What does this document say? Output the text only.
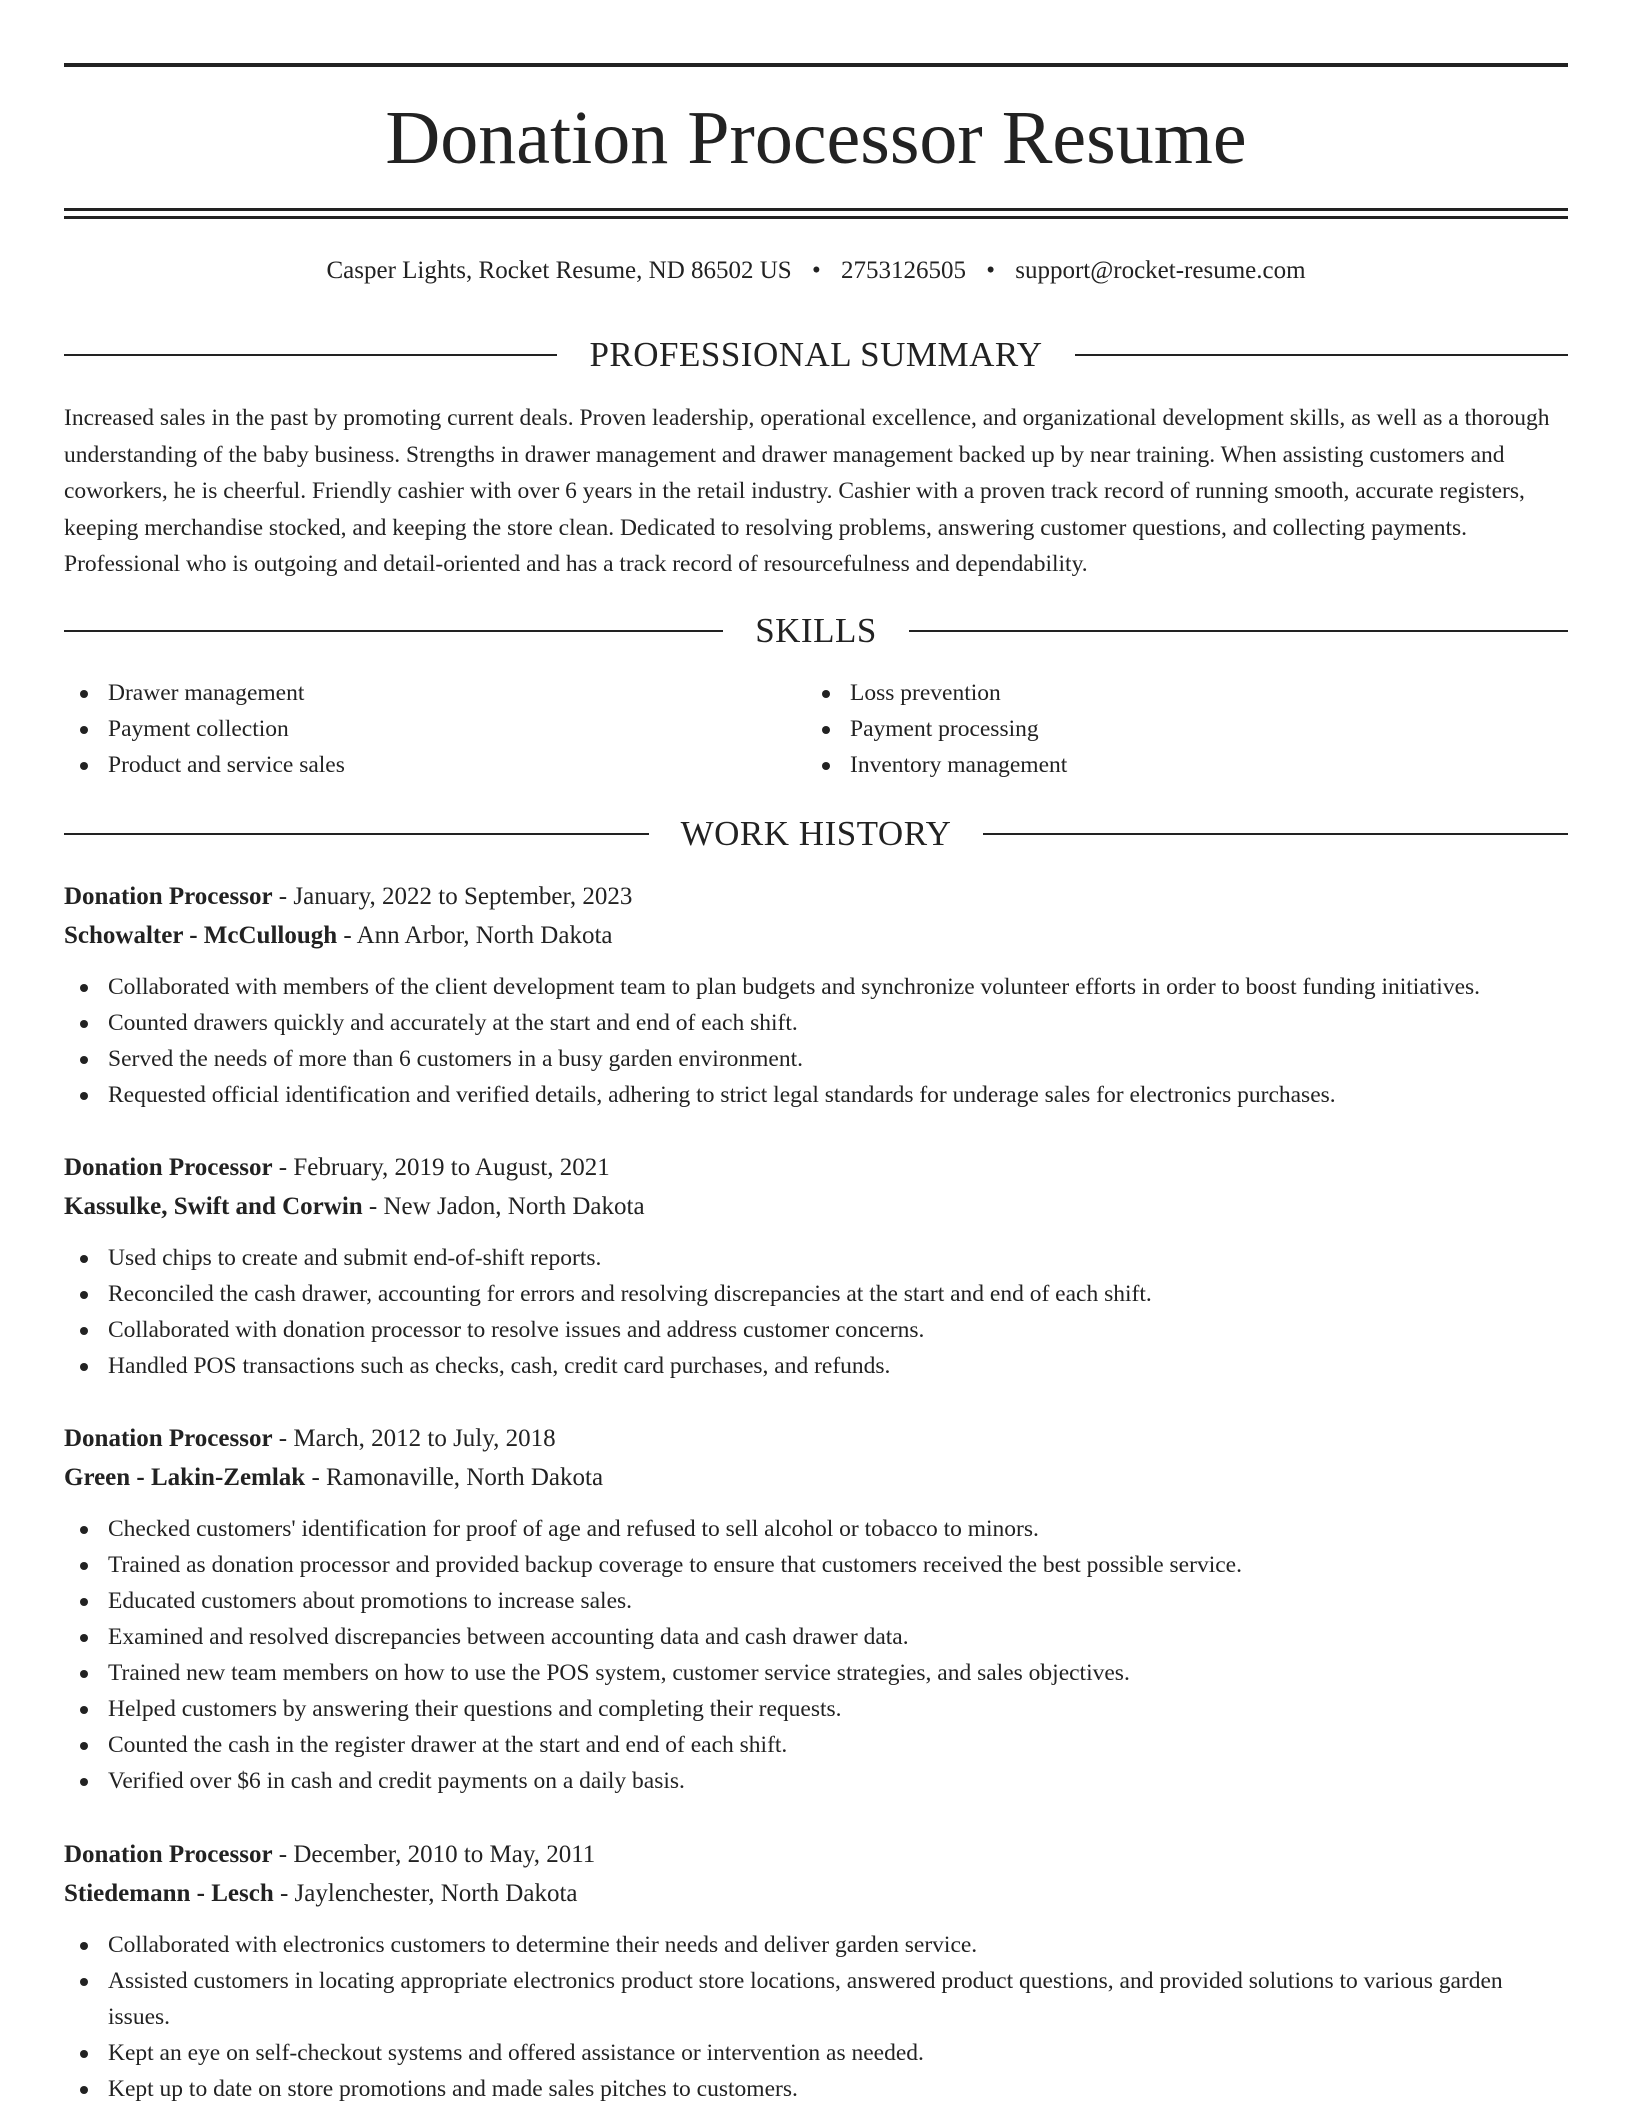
Donation Processor Resume
Casper Lights, Rocket Resume, ND 86502 US • 2753126505 • support@rocket-resume.com
PROFESSIONAL SUMMARY

Increased sales in the past by promoting current deals. Proven leadership, operational excellence, and organizational development skills, as well as a thorough understanding of the baby business. Strengths in drawer management and drawer management backed up by near training. When assisting customers and coworkers, he is cheerful. Friendly cashier with over 6 years in the retail industry. Cashier with a proven track record of running smooth, accurate registers, keeping merchandise stocked, and keeping the store clean. Dedicated to resolving problems, answering customer questions, and collecting payments. Professional who is outgoing and detail-oriented and has a track record of resourcefulness and dependability.

SKILLS
Drawer management
Payment collection
Product and service sales
Loss prevention
Payment processing
Inventory management
WORK HISTORY
Donation Processor - January, 2022 to September, 2023
Schowalter - McCullough - Ann Arbor, North Dakota
Collaborated with members of the client development team to plan budgets and synchronize volunteer efforts in order to boost funding initiatives.
Counted drawers quickly and accurately at the start and end of each shift.
Served the needs of more than 6 customers in a busy garden environment.
Requested official identification and verified details, adhering to strict legal standards for underage sales for electronics purchases.
Donation Processor - February, 2019 to August, 2021
Kassulke, Swift and Corwin - New Jadon, North Dakota
Used chips to create and submit end-of-shift reports.
Reconciled the cash drawer, accounting for errors and resolving discrepancies at the start and end of each shift.
Collaborated with donation processor to resolve issues and address customer concerns.
Handled POS transactions such as checks, cash, credit card purchases, and refunds.
Donation Processor - March, 2012 to July, 2018
Green - Lakin-Zemlak - Ramonaville, North Dakota
Checked customers' identification for proof of age and refused to sell alcohol or tobacco to minors.
Trained as donation processor and provided backup coverage to ensure that customers received the best possible service.
Educated customers about promotions to increase sales.
Examined and resolved discrepancies between accounting data and cash drawer data.
Trained new team members on how to use the POS system, customer service strategies, and sales objectives.
Helped customers by answering their questions and completing their requests.
Counted the cash in the register drawer at the start and end of each shift.
Verified over $6 in cash and credit payments on a daily basis.
Donation Processor - December, 2010 to May, 2011
Stiedemann - Lesch - Jaylenchester, North Dakota
Collaborated with electronics customers to determine their needs and deliver garden service.
Assisted customers in locating appropriate electronics product store locations, answered product questions, and provided solutions to various garden issues.
Kept an eye on self-checkout systems and offered assistance or intervention as needed.
Kept up to date on store promotions and made sales pitches to customers.
